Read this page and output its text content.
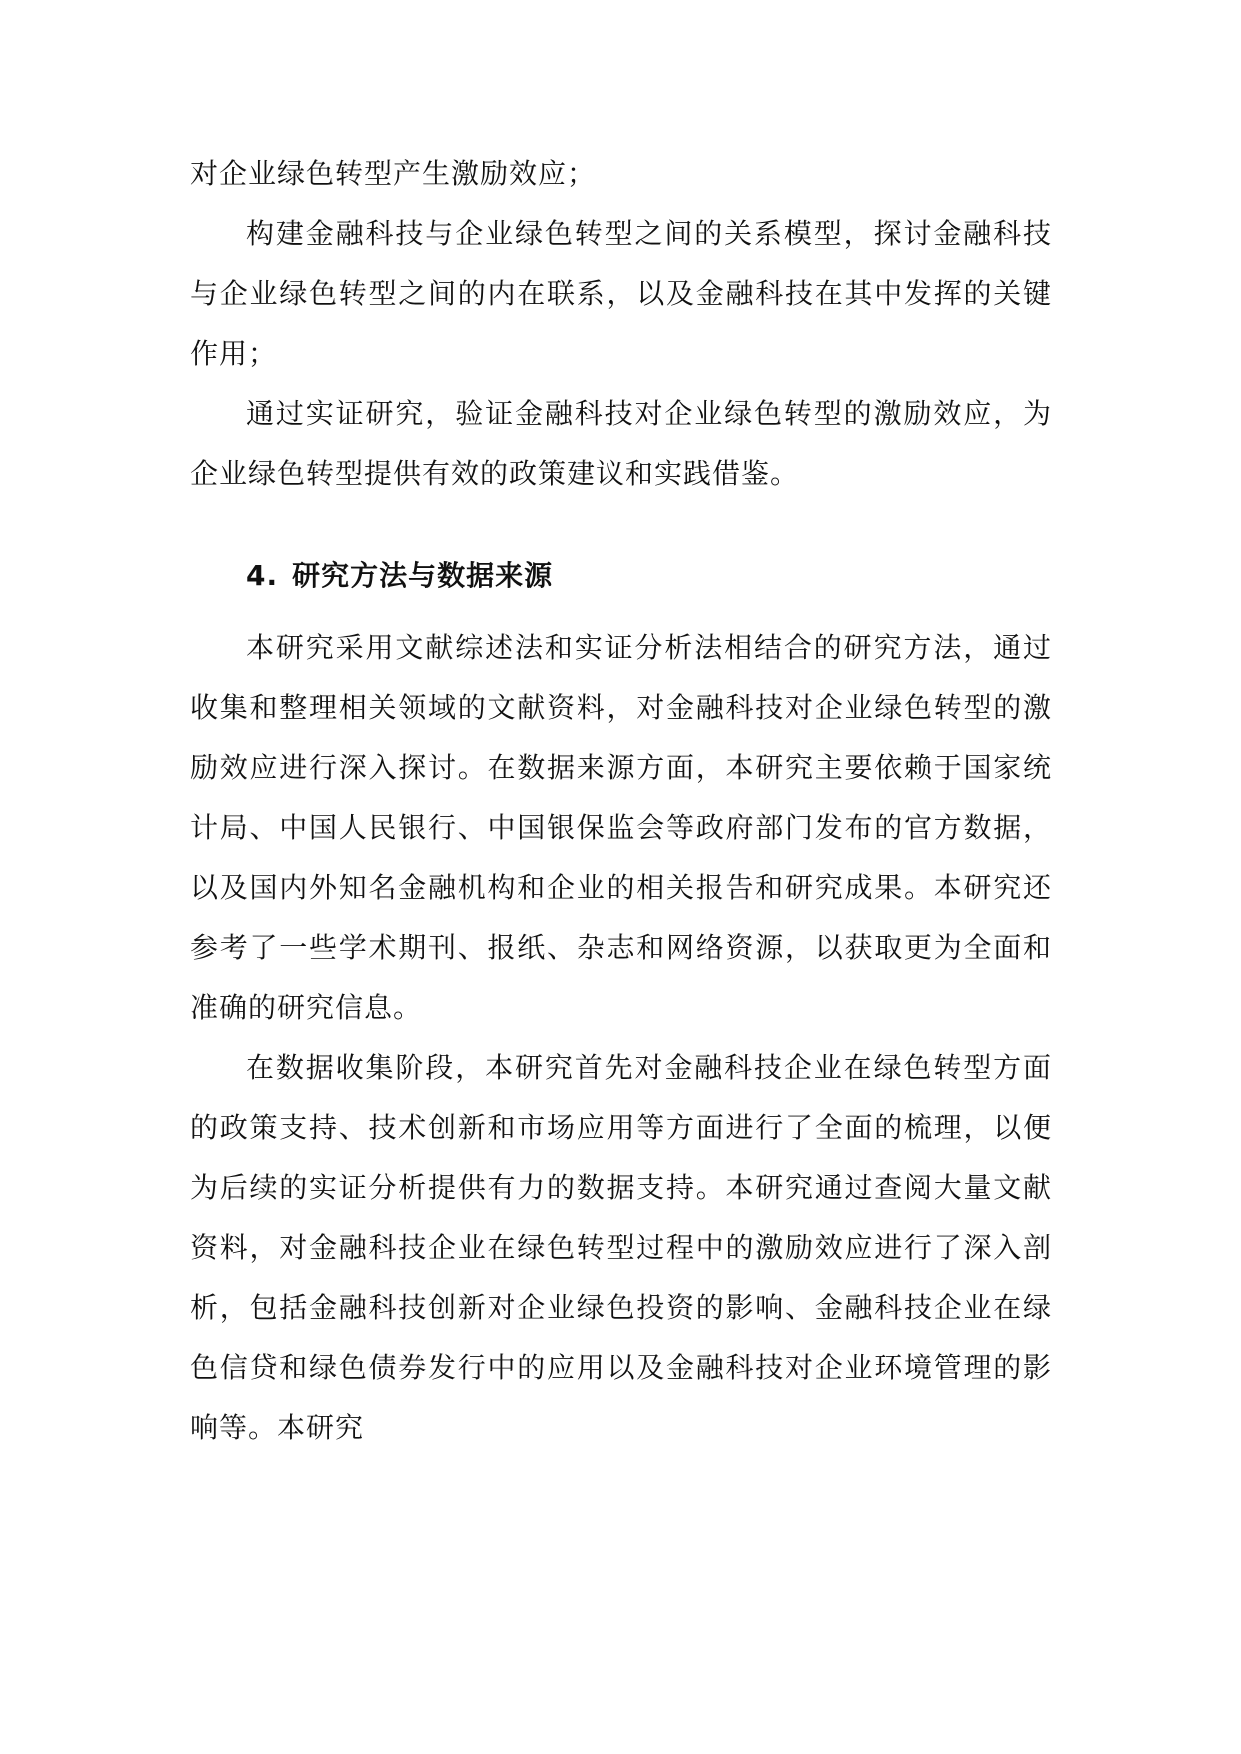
对企业绿色转型产生激励效应；

构建金融科技与企业绿色转型之间的关系模型，探讨金融科技与企业绿色转型之间的内在联系，以及金融科技在其中发挥的关键作用；

通过实证研究，验证金融科技对企业绿色转型的激励效应，为企业绿色转型提供有效的政策建议和实践借鉴。

4. 研究方法与数据来源

本研究采用文献综述法和实证分析法相结合的研究方法，通过收集和整理相关领域的文献资料，对金融科技对企业绿色转型的激励效应进行深入探讨。在数据来源方面，本研究主要依赖于国家统计局、中国人民银行、中国银保监会等政府部门发布的官方数据，以及国内外知名金融机构和企业的相关报告和研究成果。本研究还参考了一些学术期刊、报纸、杂志和网络资源，以获取更为全面和准确的研究信息。

在数据收集阶段，本研究首先对金融科技企业在绿色转型方面的政策支持、技术创新和市场应用等方面进行了全面的梳理，以便为后续的实证分析提供有力的数据支持。本研究通过查阅大量文献资料，对金融科技企业在绿色转型过程中的激励效应进行了深入剖析，包括金融科技创新对企业绿色投资的影响、金融科技企业在绿色信贷和绿色债券发行中的应用以及金融科技对企业环境管理的影响等。本研究
